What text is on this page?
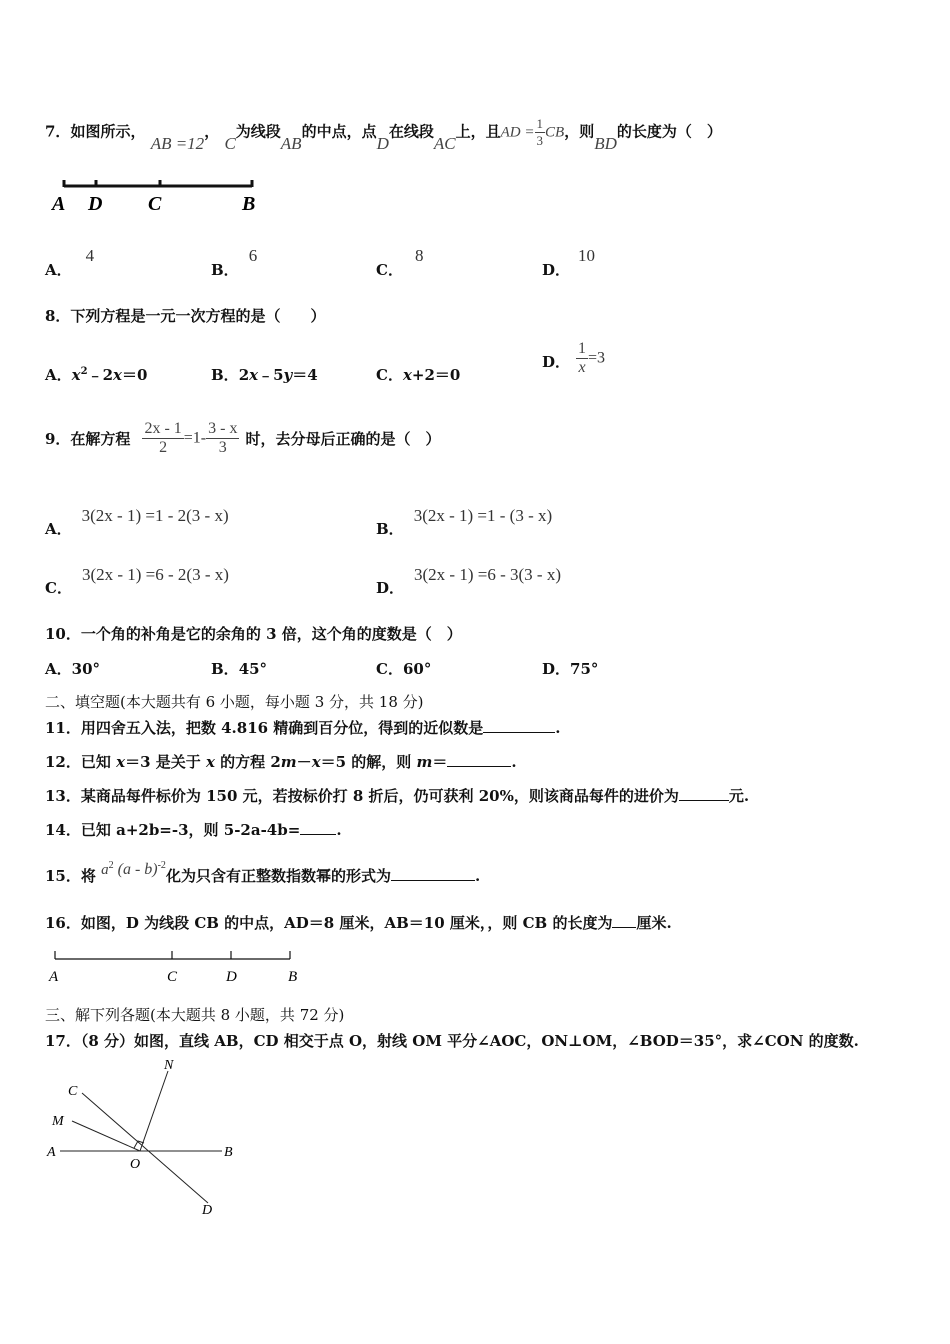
7．如图所示， AB =12， C为线段AB的中点，点D在线段AC上，且AD = $\frac{1}{3}$ CB，则BD的长度为（　）
A D C	B
A．4
B．6
C．8
D．10
8．下列方程是一元一次方程的是（　　）
A．$x^2﹣2x=0$	B．2x﹣5y＝4	C．x+2＝0
D． $\frac{1}{x} =3$
9．在解方程 $\frac{2x - 1}{2} =1- \frac{3 - x}{3}$ 时，去分母后正确的是（　）
A．3(2x - 1) =1 - 2(3 - x)
B．3(2x - 1) =1 - (3 - x)
C．3(2x - 1) =6 - 2(3 - x)
D．3(2x - 1) =6 - 3(3 - x)
10．一个角的补角是它的余角的 3 倍，这个角的度数是（　）
A．30°	B．45°	C．60°	D．75°
二、填空题(本大题共有 6 小题，每小题 3 分，共 18 分)
11．用四舍五入法，把数 4.816 精确到百分位，得到的近似数是	.
12．已知 x＝3 是关于 x 的方程 2m－x＝5 的解，则 m＝	.
13．某商品每件标价为 150 元，若按标价打 8 折后，仍可获利 20%，则该商品每件的进价为	元.
14．已知 a+2b=-3，则 5-2a-4b= .
15．将 $a^2$ (a - b)$^{-2}$化为只含有正整数指数幂的形式为	.
16．如图，D 为线段 CB 的中点，AD＝8 厘米，AB＝10 厘米，，则 CB 的长度为 厘米.
A	C	D	B
三、解下列各题(本大题共 8 小题，共 72 分)
17．（8 分）如图，直线 AB，CD 相交于点 O，射线 OM 平分∠AOC，ON⊥OM，∠BOD＝35°，求∠CON 的度数.
N
C
M
A
O
B
D
